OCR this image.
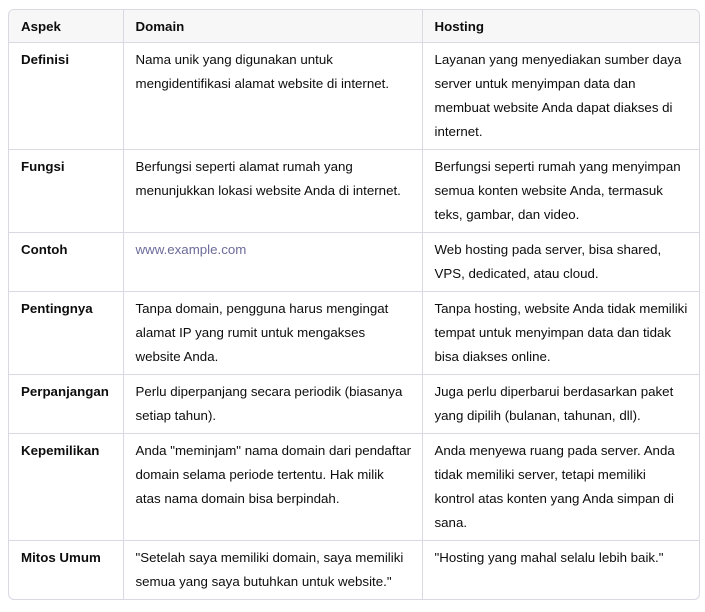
Aspek	Domain	Hosting
Definisi	Nama unik yang digunakan untuk mengidentifikasi alamat website di internet.	Layanan yang menyediakan sumber daya server untuk menyimpan data dan membuat website Anda dapat diakses di internet.
Fungsi	Berfungsi seperti alamat rumah yang menunjukkan lokasi website Anda di internet.	Berfungsi seperti rumah yang menyimpan semua konten website Anda, termasuk teks, gambar, dan video.
Contoh	www.example.com	Web hosting pada server, bisa shared, VPS, dedicated, atau cloud.
Pentingnya	Tanpa domain, pengguna harus mengingat alamat IP yang rumit untuk mengakses website Anda.	Tanpa hosting, website Anda tidak memiliki tempat untuk menyimpan data dan tidak bisa diakses online.
Perpanjangan	Perlu diperpanjang secara periodik (biasanya setiap tahun).	Juga perlu diperbarui berdasarkan paket yang dipilih (bulanan, tahunan, dll).
Kepemilikan	Anda "meminjam" nama domain dari pendaftar domain selama periode tertentu. Hak milik atas nama domain bisa berpindah.	Anda menyewa ruang pada server. Anda tidak memiliki server, tetapi memiliki kontrol atas konten yang Anda simpan di sana.
Mitos Umum	"Setelah saya memiliki domain, saya memiliki semua yang saya butuhkan untuk website."	"Hosting yang mahal selalu lebih baik."
